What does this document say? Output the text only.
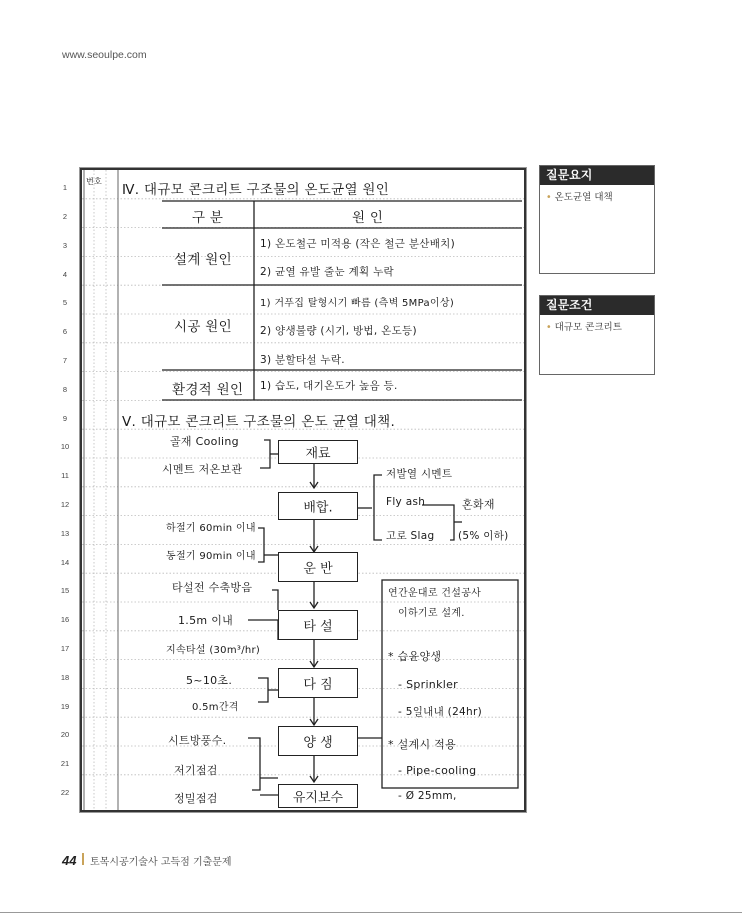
www.seoulpe.com
1
2
3
4
5
6
7
8
9
10
11
12
13
14
15
16
17
18
19
20
21
22
번호
Ⅳ. 대규모 콘크리트 구조물의 온도균열 원인
구 분	원 인
설계 원인
1) 온도철근 미적용 (작은 철근 분산배치)
2) 균열 유발 줄눈 계획 누락
시공 원인
1) 거푸집 탈형시기 빠름 (측벽 5MPa이상)
2) 양생불량 (시기, 방법, 온도등)
3) 분할타설 누락.
환경적 원인 1) 습도, 대기온도가 높음 등.
Ⅴ. 대규모 콘크리트 구조물의 온도 균열 대책.
재료
배합.
운 반
타 설
다 짐
양 생
유지보수
골재 Cooling
시멘트 저온보관
하절기 60min 이내
동절기 90min 이내
타설전 수축방음
1.5m 이내
지속타설 (30m³/hr)
5~10초.
0.5m간격
시트방풍수.
저기점검
정밀점검
저발열 시멘트
Fly ash	혼화재
고로 Slag (5% 이하)
연간운대로 건설공사
이하기로 설계.
* 습윤양생
- Sprinkler
- 5일내내 (24hr)
* 설계시 적용
- Pipe-cooling
- Ø 25mm,
질문요지
• 온도균열 대책
질문조건
• 대규모 콘크리트
44 토목시공기술사 고득점 기출문제
